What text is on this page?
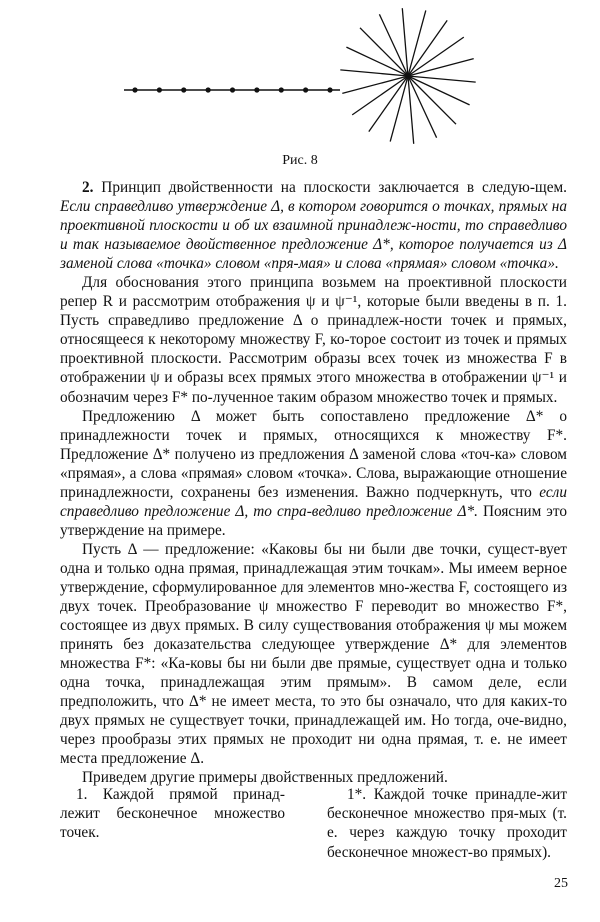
Рис. 8

2. Принцип двойственности на плоскости заключается в следую-щем. Если справедливо утверждение Δ, в котором говорится о точках, прямых на проективной плоскости и об их взаимной принадлеж-ности, то справедливо и так называемое двойственное предложение Δ*, которое получается из Δ заменой слова «точка» словом «пря-мая» и слова «прямая» словом «точка».

Для обоснования этого принципа возьмем на проективной плоскости репер R и рассмотрим отображения ψ и ψ⁻¹, которые были введены в п. 1. Пусть справедливо предложение Δ о принадлеж-ности точек и прямых, относящееся к некоторому множеству F, ко-торое состоит из точек и прямых проективной плоскости. Рассмотрим образы всех точек из множества F в отображении ψ и образы всех прямых этого множества в отображении ψ⁻¹ и обозначим через F* по-лученное таким образом множество точек и прямых.

Предложению Δ может быть сопоставлено предложение Δ* о принадлежности точек и прямых, относящихся к множеству F*. Предложение Δ* получено из предложения Δ заменой слова «точ-ка» словом «прямая», а слова «прямая» словом «точка». Слова, выражающие отношение принадлежности, сохранены без изменения. Важно подчеркнуть, что если справедливо предложение Δ, то спра-ведливо предложение Δ*. Поясним это утверждение на примере.

Пусть Δ — предложение: «Каковы бы ни были две точки, сущест-вует одна и только одна прямая, принадлежащая этим точкам». Мы имеем верное утверждение, сформулированное для элементов мно-жества F, состоящего из двух точек. Преобразование ψ множество F переводит во множество F*, состоящее из двух прямых. В силу существования отображения ψ мы можем принять без доказательства следующее утверждение Δ* для элементов множества F*: «Ка-ковы бы ни были две прямые, существует одна и только одна точка, принадлежащая этим прямым». В самом деле, если предположить, что Δ* не имеет места, то это бы означало, что для каких-то двух прямых не существует точки, принадлежащей им. Но тогда, оче-видно, через прообразы этих прямых не проходит ни одна прямая, т. е. не имеет места предложение Δ.

Приведем другие примеры двойственных предложений.

1. Каждой прямой принад-лежит бесконечное множество точек.
1*. Каждой точке принадле-жит бесконечное множество пря-мых (т. е. через каждую точку проходит бесконечное множест-во прямых).
25
